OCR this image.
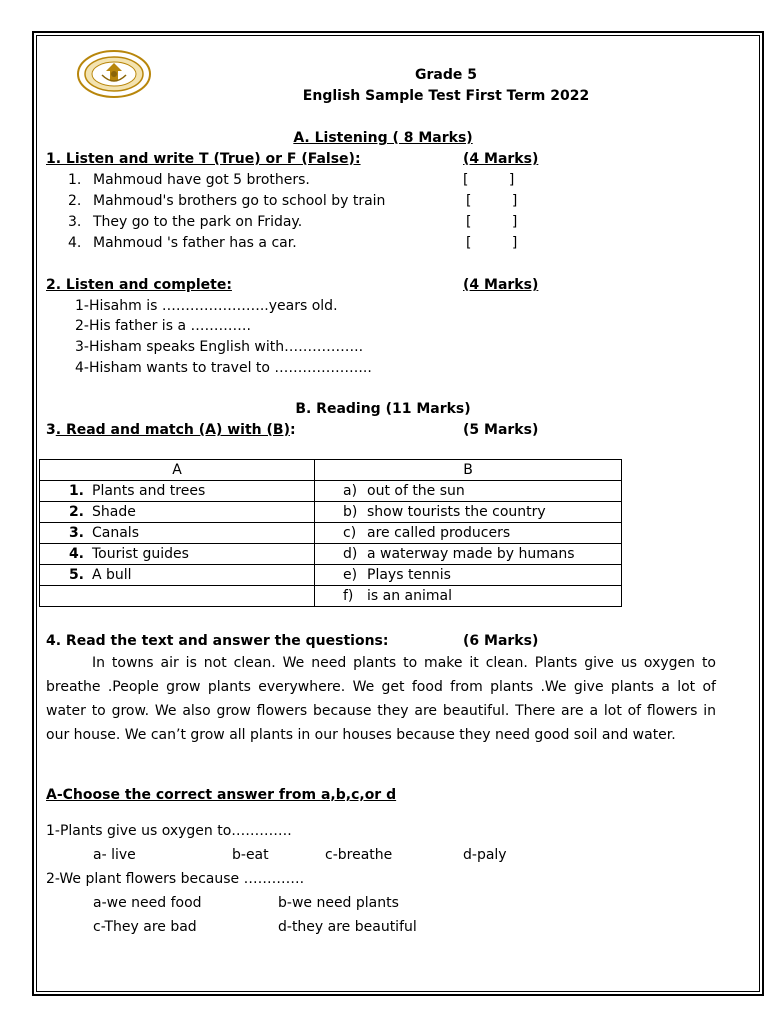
Grade 5
English Sample Test First Term 2022
A. Listening ( 8 Marks)
1. Listen and write T (True) or F (False):	(4 Marks)
1. Mahmoud have got 5 brothers.	[ ]
2. Mahmoud's brothers go to school by train	[ ]
3. They go to the park on Friday.	[ ]
4. Mahmoud 's father has a car.	[ ]
2. Listen and complete:	(4 Marks)
1-Hisahm is …………………..years old.
2-His father is a ………….
3-Hisham speaks English with……………..
4-Hisham wants to travel to ………………...
B. Reading (11 Marks)
3. Read and match (A) with (B):	(5 Marks)
A	B
1. Plants and trees	a) out of the sun
2. Shade	b) show tourists the country
3. Canals	c) are called producers
4. Tourist guides	d) a waterway made by humans
5. A bull	e) Plays tennis
	f) is an animal
4. Read the text and answer the questions:	(6 Marks)
In towns air is not clean. We need plants to make it clean. Plants give us oxygen to breathe .People grow plants everywhere. We get food from plants .We give plants a lot of water to grow. We also grow flowers because they are beautiful. There are a lot of flowers in our house. We can’t grow all plants in our houses because they need good soil and water.
A-Choose the correct answer from a,b,c,or d
1-Plants give us oxygen to………….
a- live	b-eat	c-breathe	d-paly
2-We plant flowers because ………….
a-we need food	b-we need plants
c-They are bad	d-they are beautiful
